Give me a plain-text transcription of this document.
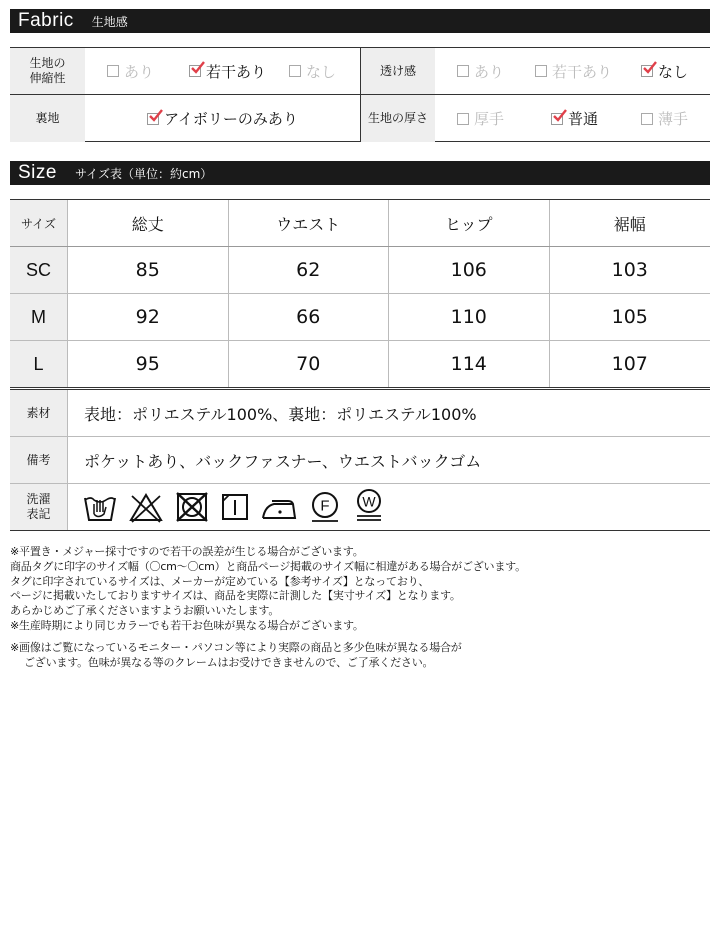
Fabric 生地感
生地の
伸縮性	あり	若干あり	なし	透け感	あり	若干あり	なし
裏地	アイボリーのみあり	生地の厚さ	厚手	普通	薄手
Size サイズ表（単位：約cm）
サイズ	総丈	ウエスト	ヒップ	裾幅
SC	85	62	106	103
M	92	66	110	105
L	95	70	114	107
素材	表地：ポリエステル100%、裏地：ポリエステル100%
備考	ポケットあり、バックファスナー、ウエストバックゴム
洗濯
表記	F W
※平置き・メジャー採寸ですので若干の誤差が生じる場合がございます。
商品タグに印字のサイズ幅（〇cm～〇cm）と商品ページ掲載のサイズ幅に相違がある場合がございます。
タグに印字されているサイズは、メーカーが定めている【参考サイズ】となっており、
ページに掲載いたしておりますサイズは、商品を実際に計測した【実寸サイズ】となります。
あらかじめご了承くださいますようお願いいたします。
※生産時期により同じカラーでも若干お色味が異なる場合がございます。
※画像はご覧になっているモニター・パソコン等により実際の商品と多少色味が異なる場合が
ございます。色味が異なる等のクレームはお受けできませんので、ご了承ください。
